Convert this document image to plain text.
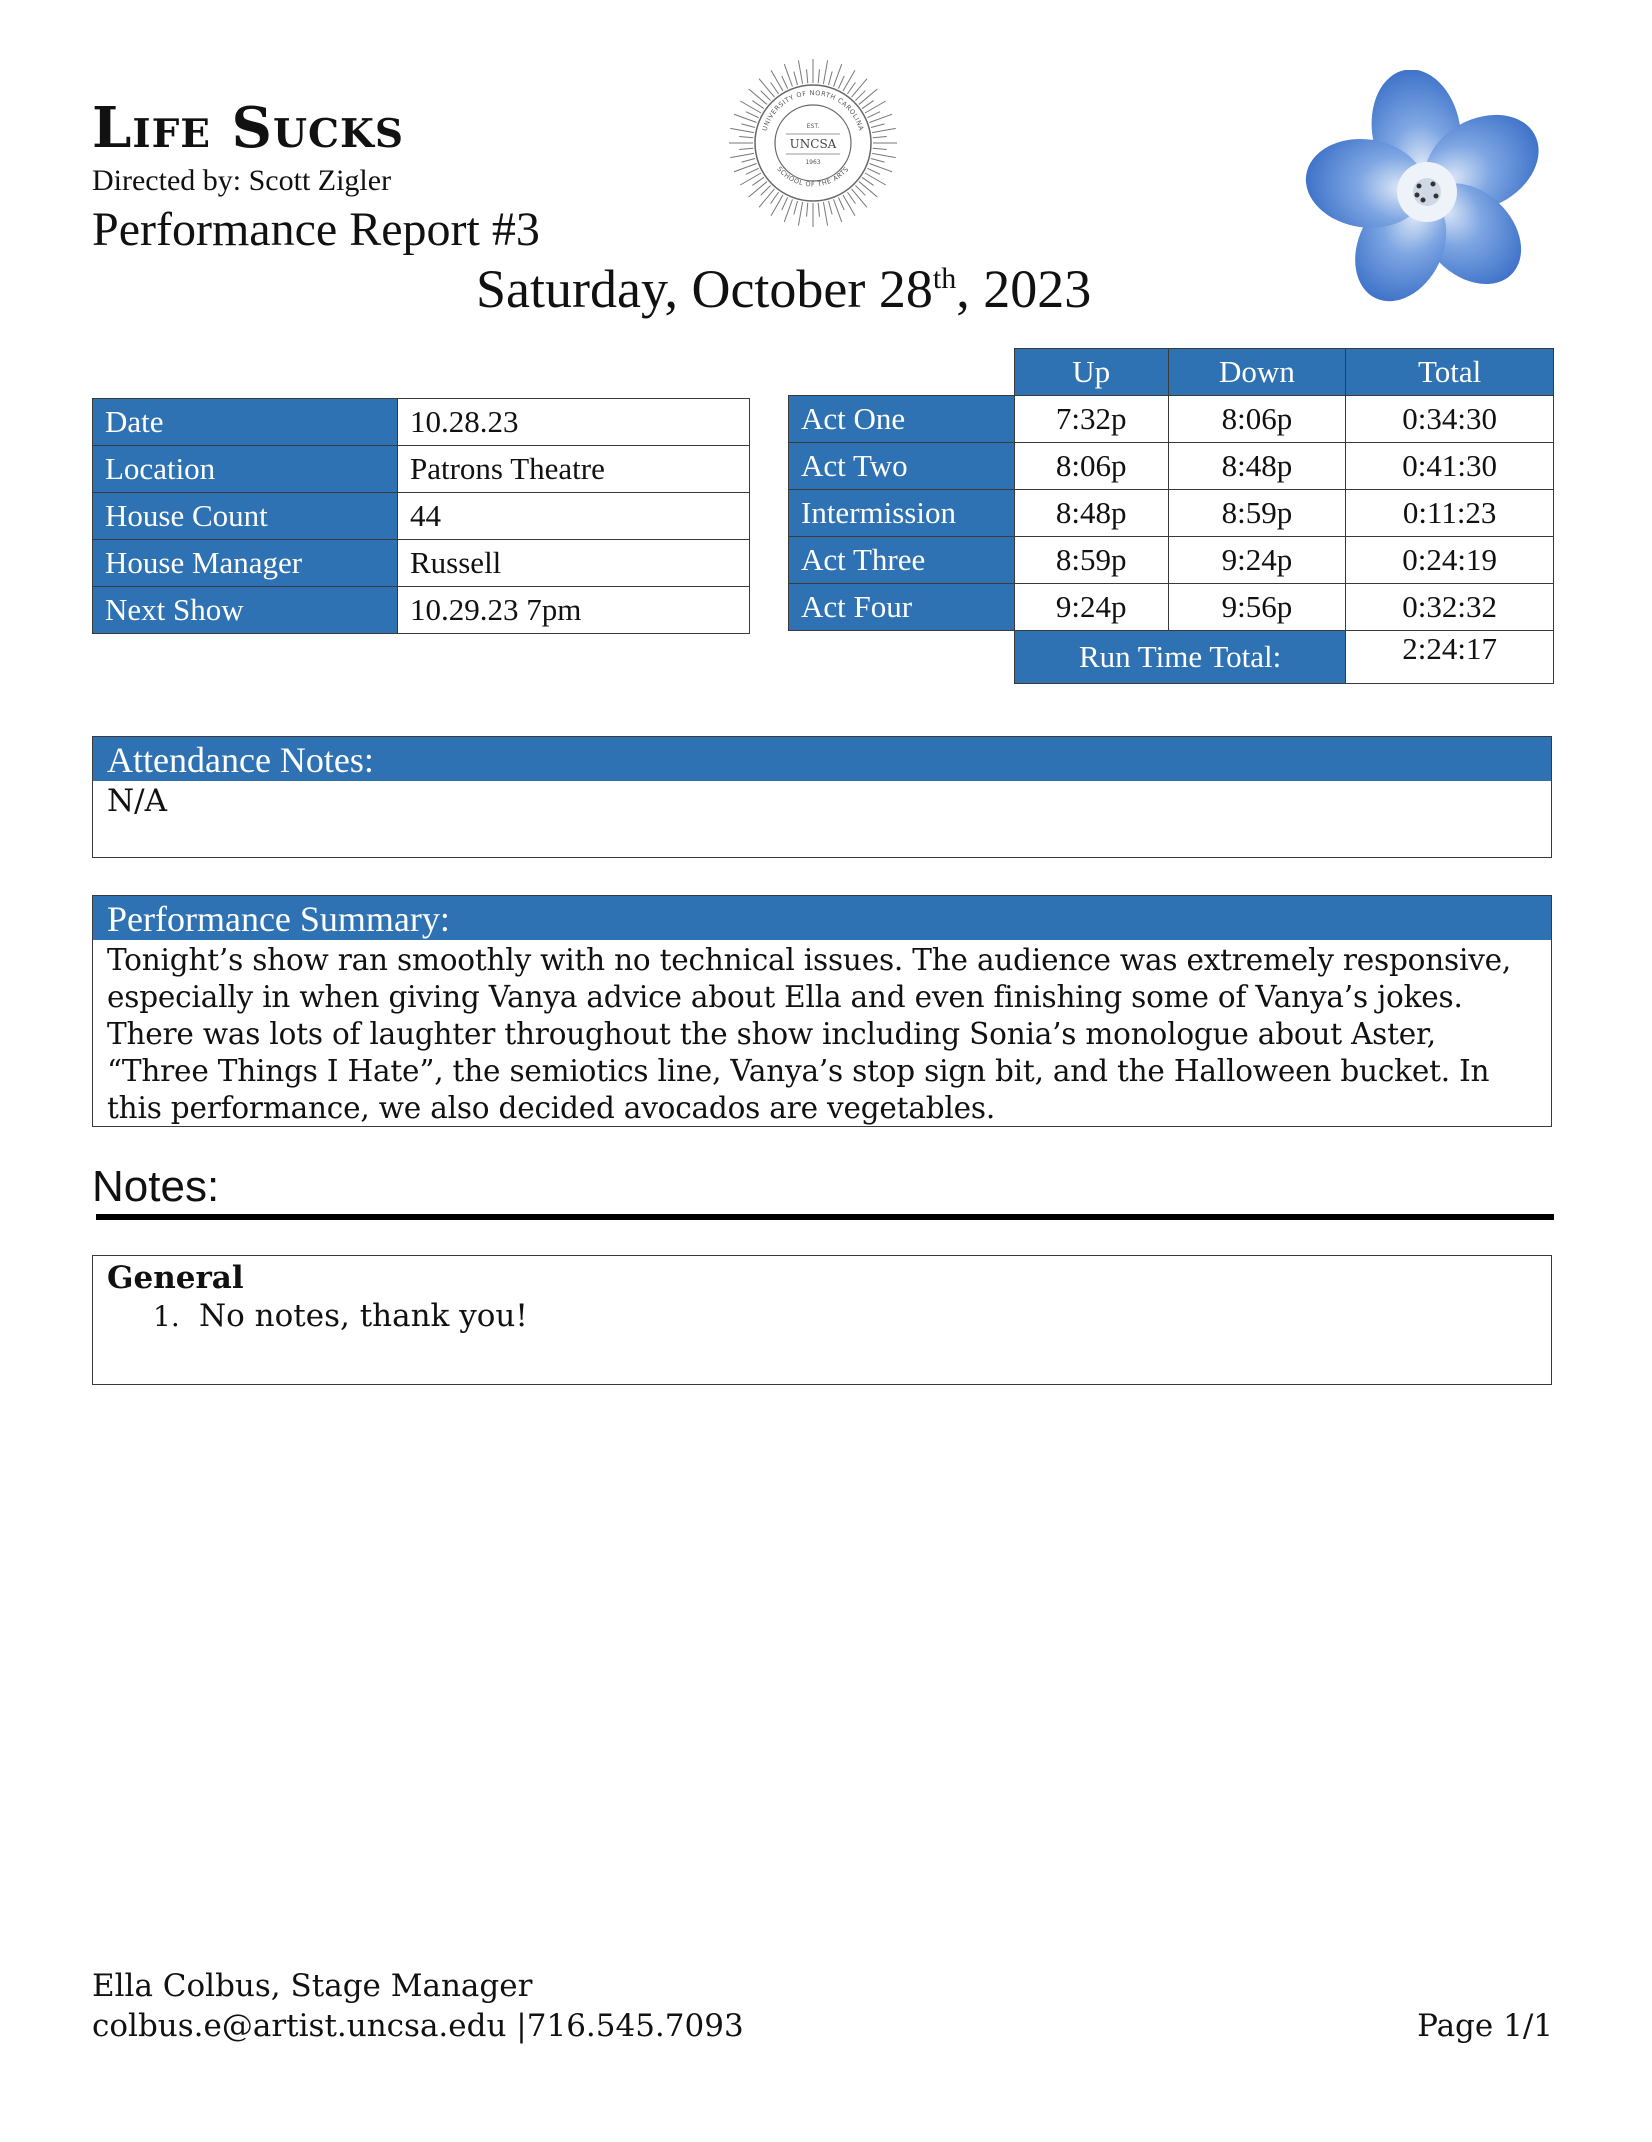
Life Sucks
Directed by: Scott Zigler
Performance Report #3
Saturday, October 28th, 2023
UNIVERSITY OF NORTH CAROLINA
SCHOOL OF THE ARTS
EST.
UNCSA
1963
Date	10.28.23
Location	Patrons Theatre
House Count	44
House Manager	Russell
Next Show	10.29.23 7pm
	Up	Down	Total
Act One	7:32p	8:06p	0:34:30
Act Two	8:06p	8:48p	0:41:30
Intermission	8:48p	8:59p	0:11:23
Act Three	8:59p	9:24p	0:24:19
Act Four	9:24p	9:56p	0:32:32
	Run Time Total:		2:24:17
Attendance Notes:
N/A
Performance Summary:
Tonight’s show ran smoothly with no technical issues. The audience was extremely responsive, especially in when giving Vanya advice about Ella and even finishing some of Vanya’s jokes. There was lots of laughter throughout the show including Sonia’s monologue about Aster, “Three Things I Hate”, the semiotics line, Vanya’s stop sign bit, and the Halloween bucket. In this performance, we also decided avocados are vegetables.
Notes:
General
1. No notes, thank you!
Ella Colbus, Stage Manager
colbus.e@artist.uncsa.edu |716.545.7093	Page 1/1
